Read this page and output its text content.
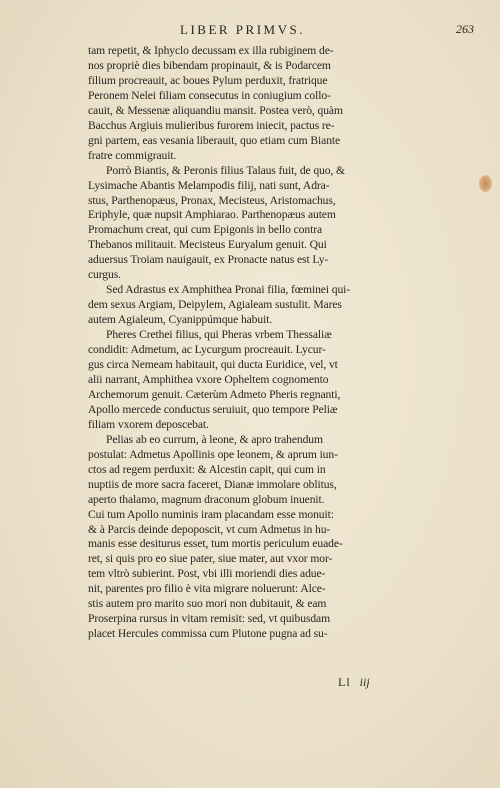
LIBER PRIMVS.	263

tam repetit, & Iphyclo decussam ex illa rubiginem de-
nos propriè dies bibendam propinauit, & is Podarcem
filium procreauit, ac boues Pylum perduxit, fratrique
Peronem Nelei filiam consecutus in coniugium collo-
cauit, & Messenæ aliquandiu mansit. Postea verò, quàm
Bacchus Argiuis mulieribus furorem iniecit, pactus re-
gni partem, eas vesania liberauit, quo etiam cum Biante
fratre commigrauit.

Porrò Biantis, & Peronis filius Talaus fuit, de quo, &
Lysimache Abantis Melampodis filij, nati sunt, Adra-
stus, Parthenopæus, Pronax, Mecisteus, Aristomachus,
Eriphyle, quæ nupsit Amphiarao. Parthenopæus autem
Promachum creat, qui cum Epigonis in bello contra
Thebanos militauit. Mecisteus Euryalum genuit. Qui
aduersus Troiam nauigauit, ex Pronacte natus est Ly-
curgus.

Sed Adrastus ex Amphithea Pronai filia, fœminei qui-
dem sexus Argiam, Deipylem, Agialeam sustulit. Mares
autem Agialeum, Cyanippúmque habuit.

Pheres Crethei filius, qui Pheras vrbem Thessaliæ
condidit: Admetum, ac Lycurgum procreauit. Lycur-
gus circa Nemeam habitauit, qui ducta Euridice, vel, vt
alii narrant, Amphithea vxore Opheltem cognomento
Archemorum genuit. Cæterùm Admeto Pheris regnanti,
Apollo mercede conductus seruiuit, quo tempore Peliæ
filiam vxorem deposcebat.

Pelias ab eo currum, à leone, & apro trahendum
postulat: Admetus Apollinis ope leonem, & aprum iun-
ctos ad regem perduxit: & Alcestin capit, qui cum in
nuptiis de more sacra faceret, Dianæ immolare oblitus,
aperto thalamo, magnum draconum globum inuenit.
Cui tum Apollo numinis iram placandam esse monuit:
& à Parcis deinde depoposcit, vt cum Admetus in hu-
manis esse desiturus esset, tum mortis periculum euade-
ret, si quis pro eo siue pater, siue mater, aut vxor mor-
tem vltrò subierint. Post, vbi illi moriendi dies adue-
nit, parentes pro filio è vita migrare noluerunt: Alce-
stis autem pro marito suo mori non dubitauit, & eam
Proserpina rursus in vitam remisit: sed, vt quibusdam
placet Hercules commissa cum Plutone pugna ad su-

Ll iij
